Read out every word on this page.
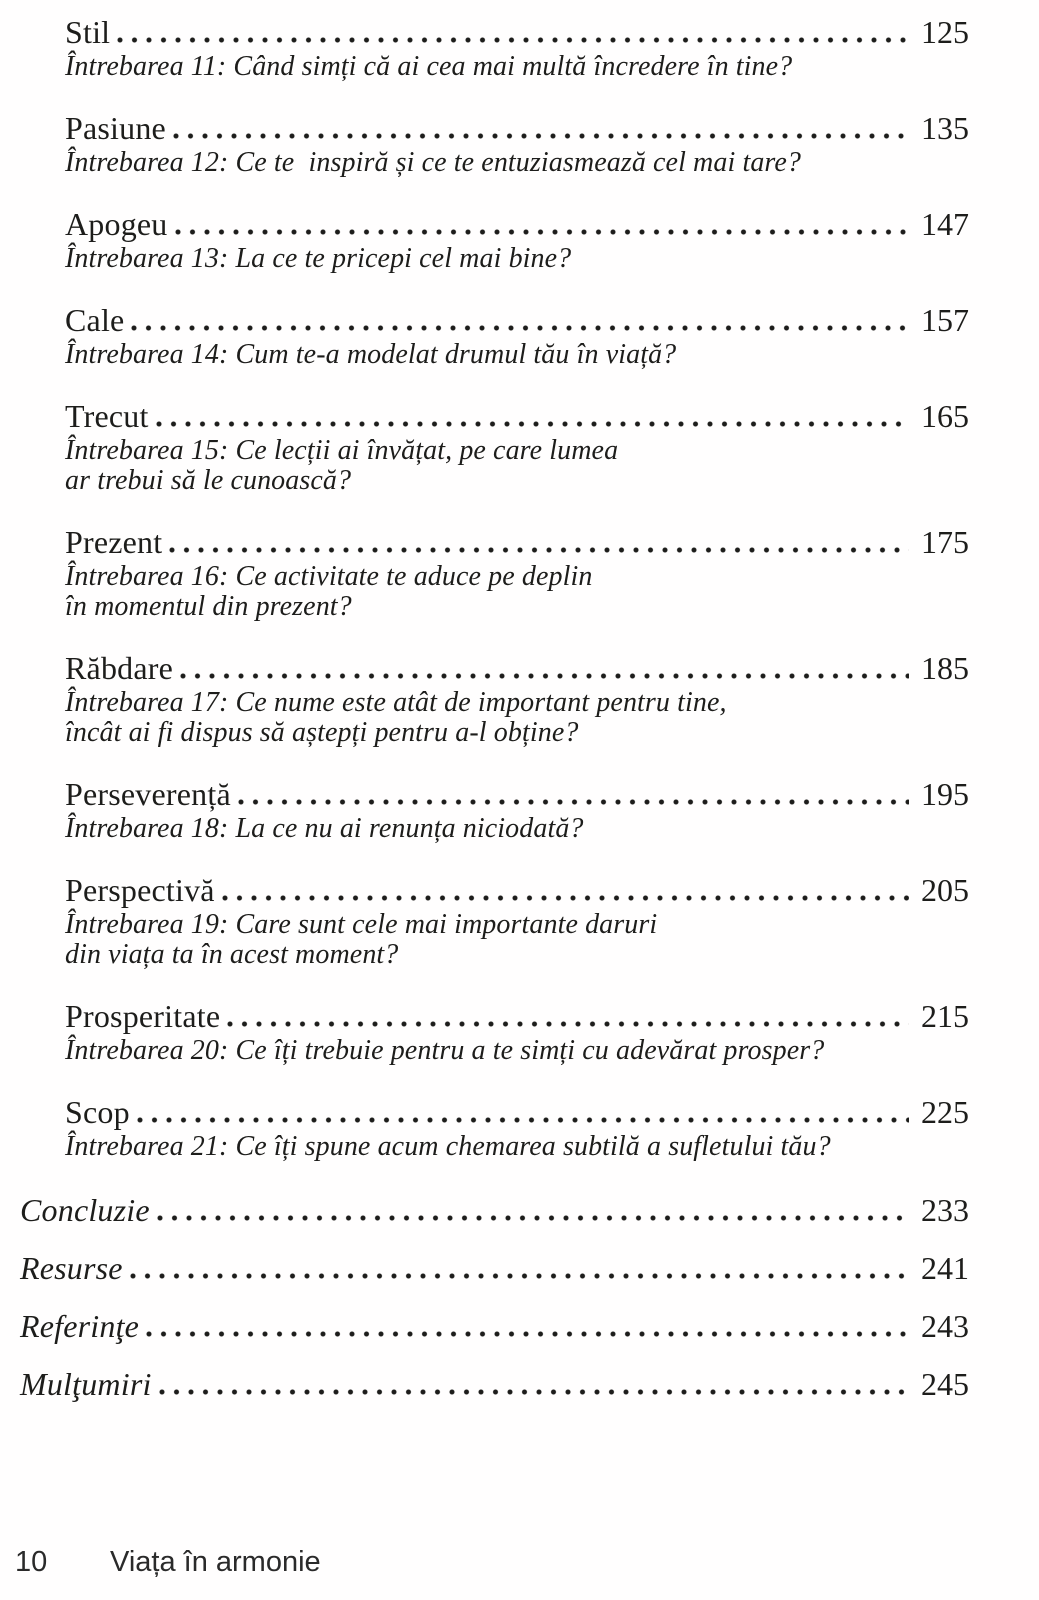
Stil	125
Întrebarea 11: Când simți că ai cea mai multă încredere în tine?
Pasiune	135
Întrebarea 12: Ce te  inspiră și ce te entuziasmează cel mai tare?
Apogeu	147
Întrebarea 13: La ce te pricepi cel mai bine?
Cale	157
Întrebarea 14: Cum te-a modelat drumul tău în viață?
Trecut	165
Întrebarea 15: Ce lecții ai învățat, pe care lumea
ar trebui să le cunoască?
Prezent	175
Întrebarea 16: Ce activitate te aduce pe deplin
în momentul din prezent?
Răbdare	185
Întrebarea 17: Ce nume este atât de important pentru tine,
încât ai fi dispus să aștepți pentru a-l obține?
Perseverență	195
Întrebarea 18: La ce nu ai renunța niciodată?
Perspectivă	205
Întrebarea 19: Care sunt cele mai importante daruri
din viața ta în acest moment?
Prosperitate	215
Întrebarea 20: Ce îți trebuie pentru a te simți cu adevărat prosper?
Scop	225
Întrebarea 21: Ce îți spune acum chemarea subtilă a sufletului tău?
Concluzie	233
Resurse	241
Referinţe	243
Mulţumiri	245
10	Viața în armonie
